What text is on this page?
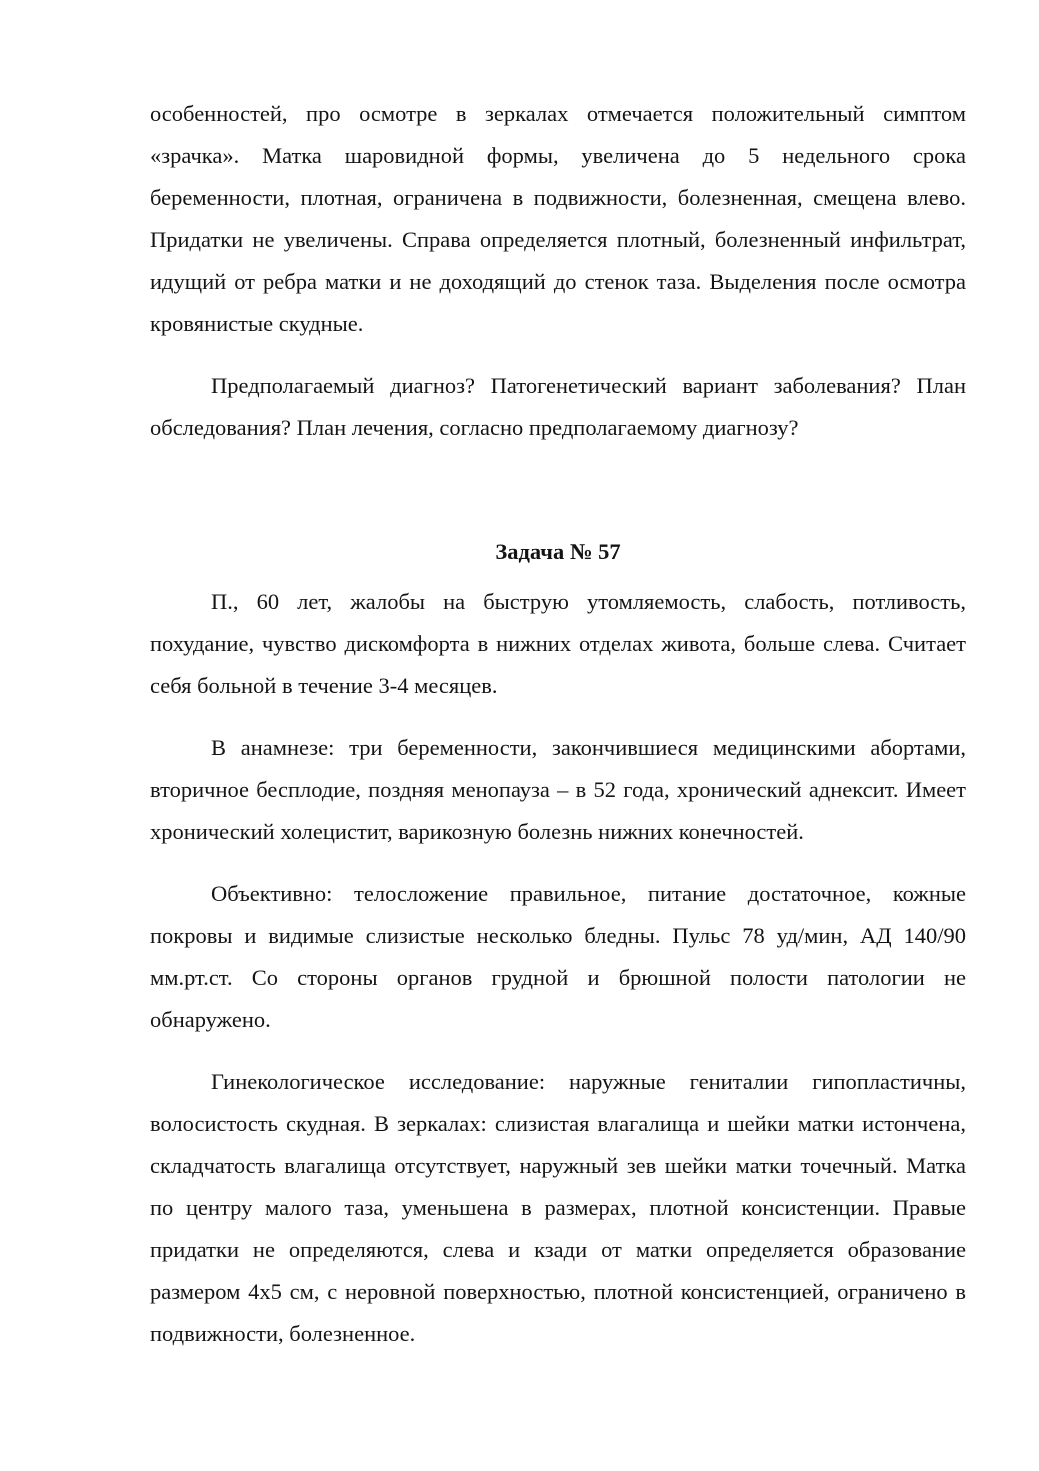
особенностей, про осмотре в зеркалах отмечается положительный симптом «зрачка». Матка шаровидной формы, увеличена до 5 недельного срока беременности, плотная, ограничена в подвижности, болезненная, смещена влево. Придатки не увеличены. Справа определяется плотный, болезненный инфильтрат, идущий от ребра матки и не доходящий до стенок таза. Выделения после осмотра кровянистые скудные.

Предполагаемый диагноз? Патогенетический вариант заболевания? План обследования? План лечения, согласно предполагаемому диагнозу?

Задача № 57

П., 60 лет, жалобы на быструю утомляемость, слабость, потливость, похудание, чувство дискомфорта в нижних отделах живота, больше слева. Считает себя больной в течение 3-4 месяцев.

В анамнезе: три беременности, закончившиеся медицинскими абортами, вторичное бесплодие, поздняя менопауза – в 52 года, хронический аднексит. Имеет хронический холецистит, варикозную болезнь нижних конечностей.

Объективно: телосложение правильное, питание достаточное, кожные покровы и видимые слизистые несколько бледны. Пульс 78 уд/мин, АД 140/90 мм.рт.ст. Со стороны органов грудной и брюшной полости патологии не обнаружено.

Гинекологическое исследование: наружные гениталии гипопластичны, волосистость скудная. В зеркалах: слизистая влагалища и шейки матки истончена, складчатость влагалища отсутствует, наружный зев шейки матки точечный. Матка по центру малого таза, уменьшена в размерах, плотной консистенции. Правые придатки не определяются, слева и кзади от матки определяется образование размером 4х5 см, с неровной поверхностью, плотной консистенцией, ограничено в подвижности, болезненное.
